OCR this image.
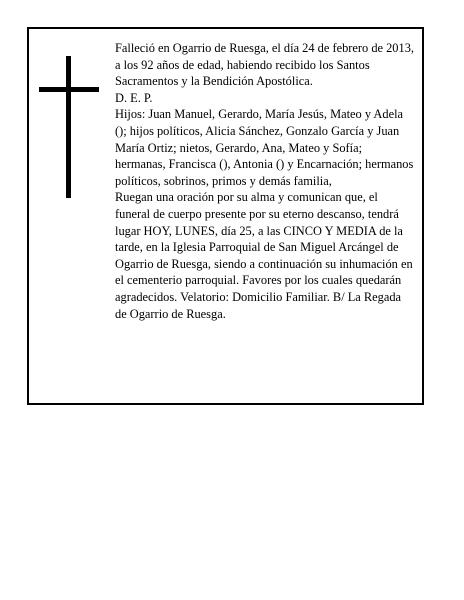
Falleció en Ogarrio de Ruesga, el día 24 de febrero de 2013, a los 92 años de edad, habiendo recibido los Santos Sacramentos y la Bendición Apostólica.

D. E. P.

Hijos: Juan Manuel, Gerardo, María Jesús, Mateo y Adela (); hijos políticos, Alicia Sánchez, Gonzalo García y Juan María Ortiz; nietos, Gerardo, Ana, Mateo y Sofía; hermanas, Francisca (), Antonia () y Encarnación; hermanos políticos, sobrinos, primos y demás familia,

Ruegan una oración por su alma y comunican que, el funeral de cuerpo presente por su eterno descanso, tendrá lugar HOY, LUNES, día 25, a las CINCO Y MEDIA de la tarde, en la Iglesia Parroquial de San Miguel Arcángel de Ogarrio de Ruesga, siendo a continuación su inhumación en el cementerio parroquial. Favores por los cuales quedarán agradecidos. Velatorio: Domicilio Familiar. B/ La Regada de Ogarrio de Ruesga.
